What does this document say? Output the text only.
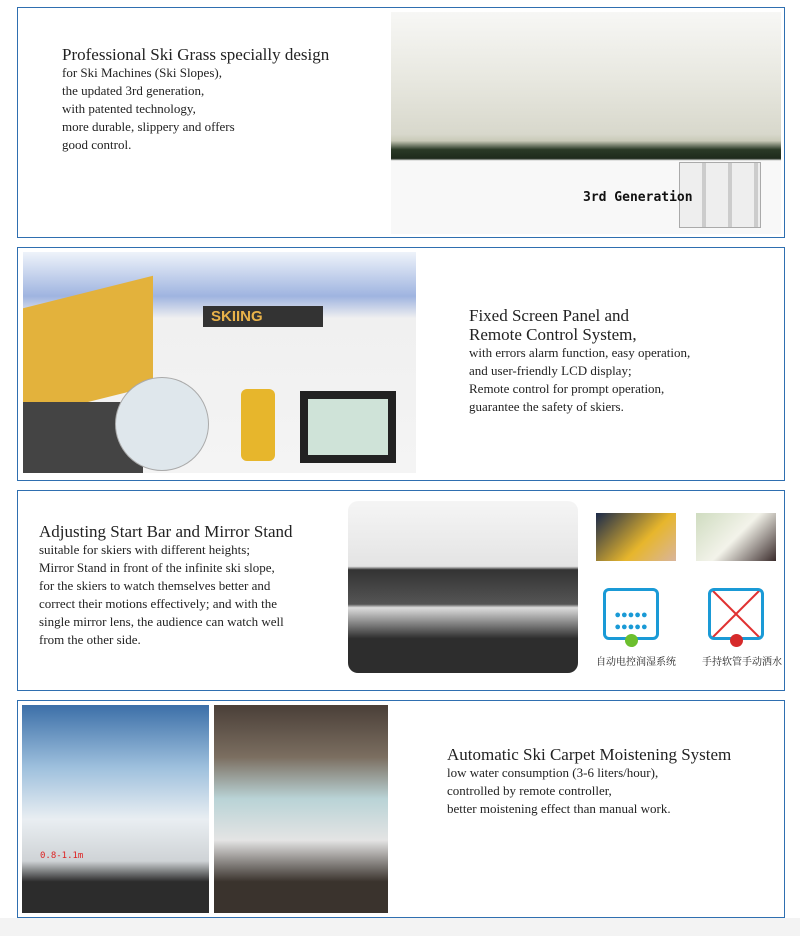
Professional Ski Grass specially design
for Ski Machines (Ski Slopes),
the updated 3rd generation,
with patented technology,
more durable, slippery and offers
good control.
3rd Generation
SKIING	Fixed Screen Panel and
Remote Control System,
with errors alarm function, easy operation,
and user-friendly LCD display;
Remote control for prompt operation,
guarantee the safety of skiers.
Adjusting Start Bar and Mirror Stand
suitable for skiers with different heights;
Mirror Stand in front of the infinite ski slope,
for the skiers to watch themselves better and
correct their motions effectively; and with the
single mirror lens, the audience can watch well
from the other side.
●●●●●
●●●●●
自动电控润湿系统	手持软管手动洒水
0.8-1.1m
Automatic Ski Carpet Moistening System
low water consumption (3-6 liters/hour),
controlled by remote controller,
better moistening effect than manual work.
